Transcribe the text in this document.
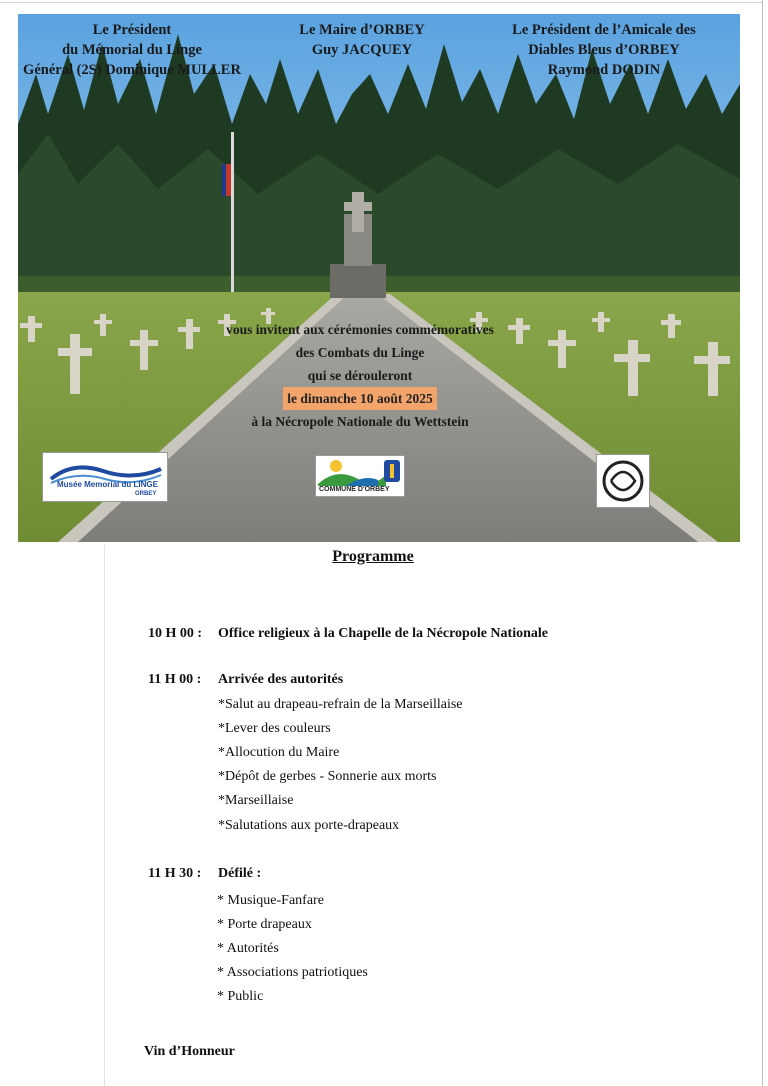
Le Président
du Mémorial du Linge
Général (2S) Dominique MULLER
Le Maire d’ORBEY
Guy JACQUEY
Le Président de l’Amicale des
Diables Bleus d’ORBEY
Raymond DODIN
vous invitent aux cérémonies commémoratives
des Combats du Linge
qui se dérouleront
le dimanche 10 août 2025
à la Nécropole Nationale du Wettstein
Musée Memorial du LINGE
ORBEY
COMMUNE D'ORBEY
Programme
10 H 00 : Office religieux à la Chapelle de la Nécropole Nationale
11 H 00 : Arrivée des autorités
*Salut au drapeau-refrain de la Marseillaise
*Lever des couleurs
*Allocution du Maire
*Dépôt de gerbes - Sonnerie aux morts
*Marseillaise
*Salutations aux porte-drapeaux
11 H 30 : Défilé :
* Musique-Fanfare
* Porte drapeaux
* Autorités
* Associations patriotiques
* Public
Vin d’Honneur
